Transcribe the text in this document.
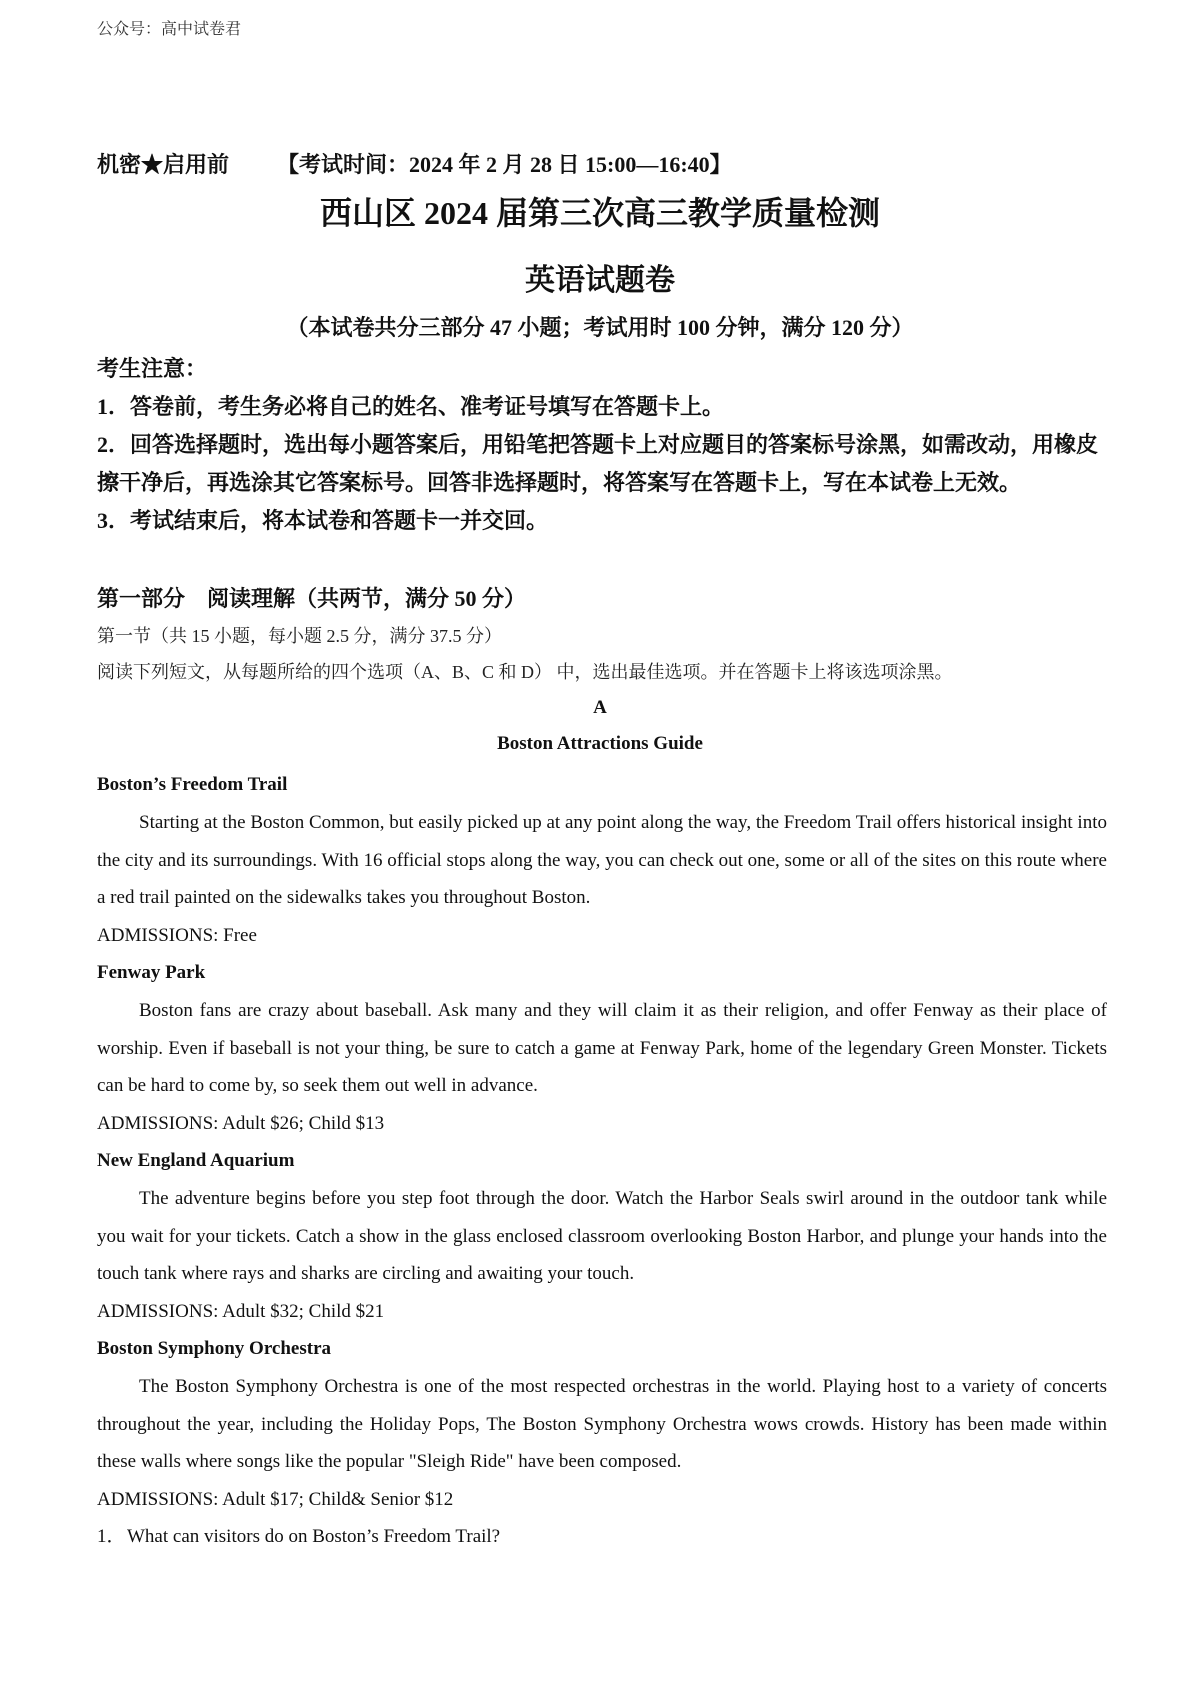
公众号：高中试卷君
机密★启用前 【考试时间：2024 年 2 月 28 日 15:00—16:40】
西山区 2024 届第三次高三教学质量检测
英语试题卷
（本试卷共分三部分 47 小题；考试用时 100 分钟，满分 120 分）

考生注意：

1．答卷前，考生务必将自己的姓名、准考证号填写在答题卡上。

2．回答选择题时，选出每小题答案后，用铅笔把答题卡上对应题目的答案标号涂黑，如需改动，用橡皮擦干净后，再选涂其它答案标号。回答非选择题时，将答案写在答题卡上，写在本试卷上无效。

3．考试结束后，将本试卷和答题卡一并交回。

第一部分　阅读理解（共两节，满分 50 分）

第一节（共 15 小题，每小题 2.5 分，满分 37.5 分）

阅读下列短文，从每题所给的四个选项（A、B、C 和 D） 中，选出最佳选项。并在答题卡上将该选项涂黑。

A
Boston Attractions Guide
Boston’s Freedom Trail

Starting at the Boston Common, but easily picked up at any point along the way, the Freedom Trail offers historical insight into the city and its surroundings. With 16 official stops along the way, you can check out one, some or all of the sites on this route where a red trail painted on the sidewalks takes you throughout Boston.

ADMISSIONS: Free

Fenway Park

Boston fans are crazy about baseball. Ask many and they will claim it as their religion, and offer Fenway as their place of worship. Even if baseball is not your thing, be sure to catch a game at Fenway Park, home of the legendary Green Monster. Tickets can be hard to come by, so seek them out well in advance.

ADMISSIONS: Adult $26; Child $13

New England Aquarium

The adventure begins before you step foot through the door. Watch the Harbor Seals swirl around in the outdoor tank while you wait for your tickets. Catch a show in the glass enclosed classroom overlooking Boston Harbor, and plunge your hands into the touch tank where rays and sharks are circling and awaiting your touch.

ADMISSIONS: Adult $32; Child $21

Boston Symphony Orchestra

The Boston Symphony Orchestra is one of the most respected orchestras in the world. Playing host to a variety of concerts throughout the year, including the Holiday Pops, The Boston Symphony Orchestra wows crowds. History has been made within these walls where songs like the popular "Sleigh Ride" have been composed.

ADMISSIONS: Adult $17; Child& Senior $12

1．What can visitors do on Boston’s Freedom Trail?
